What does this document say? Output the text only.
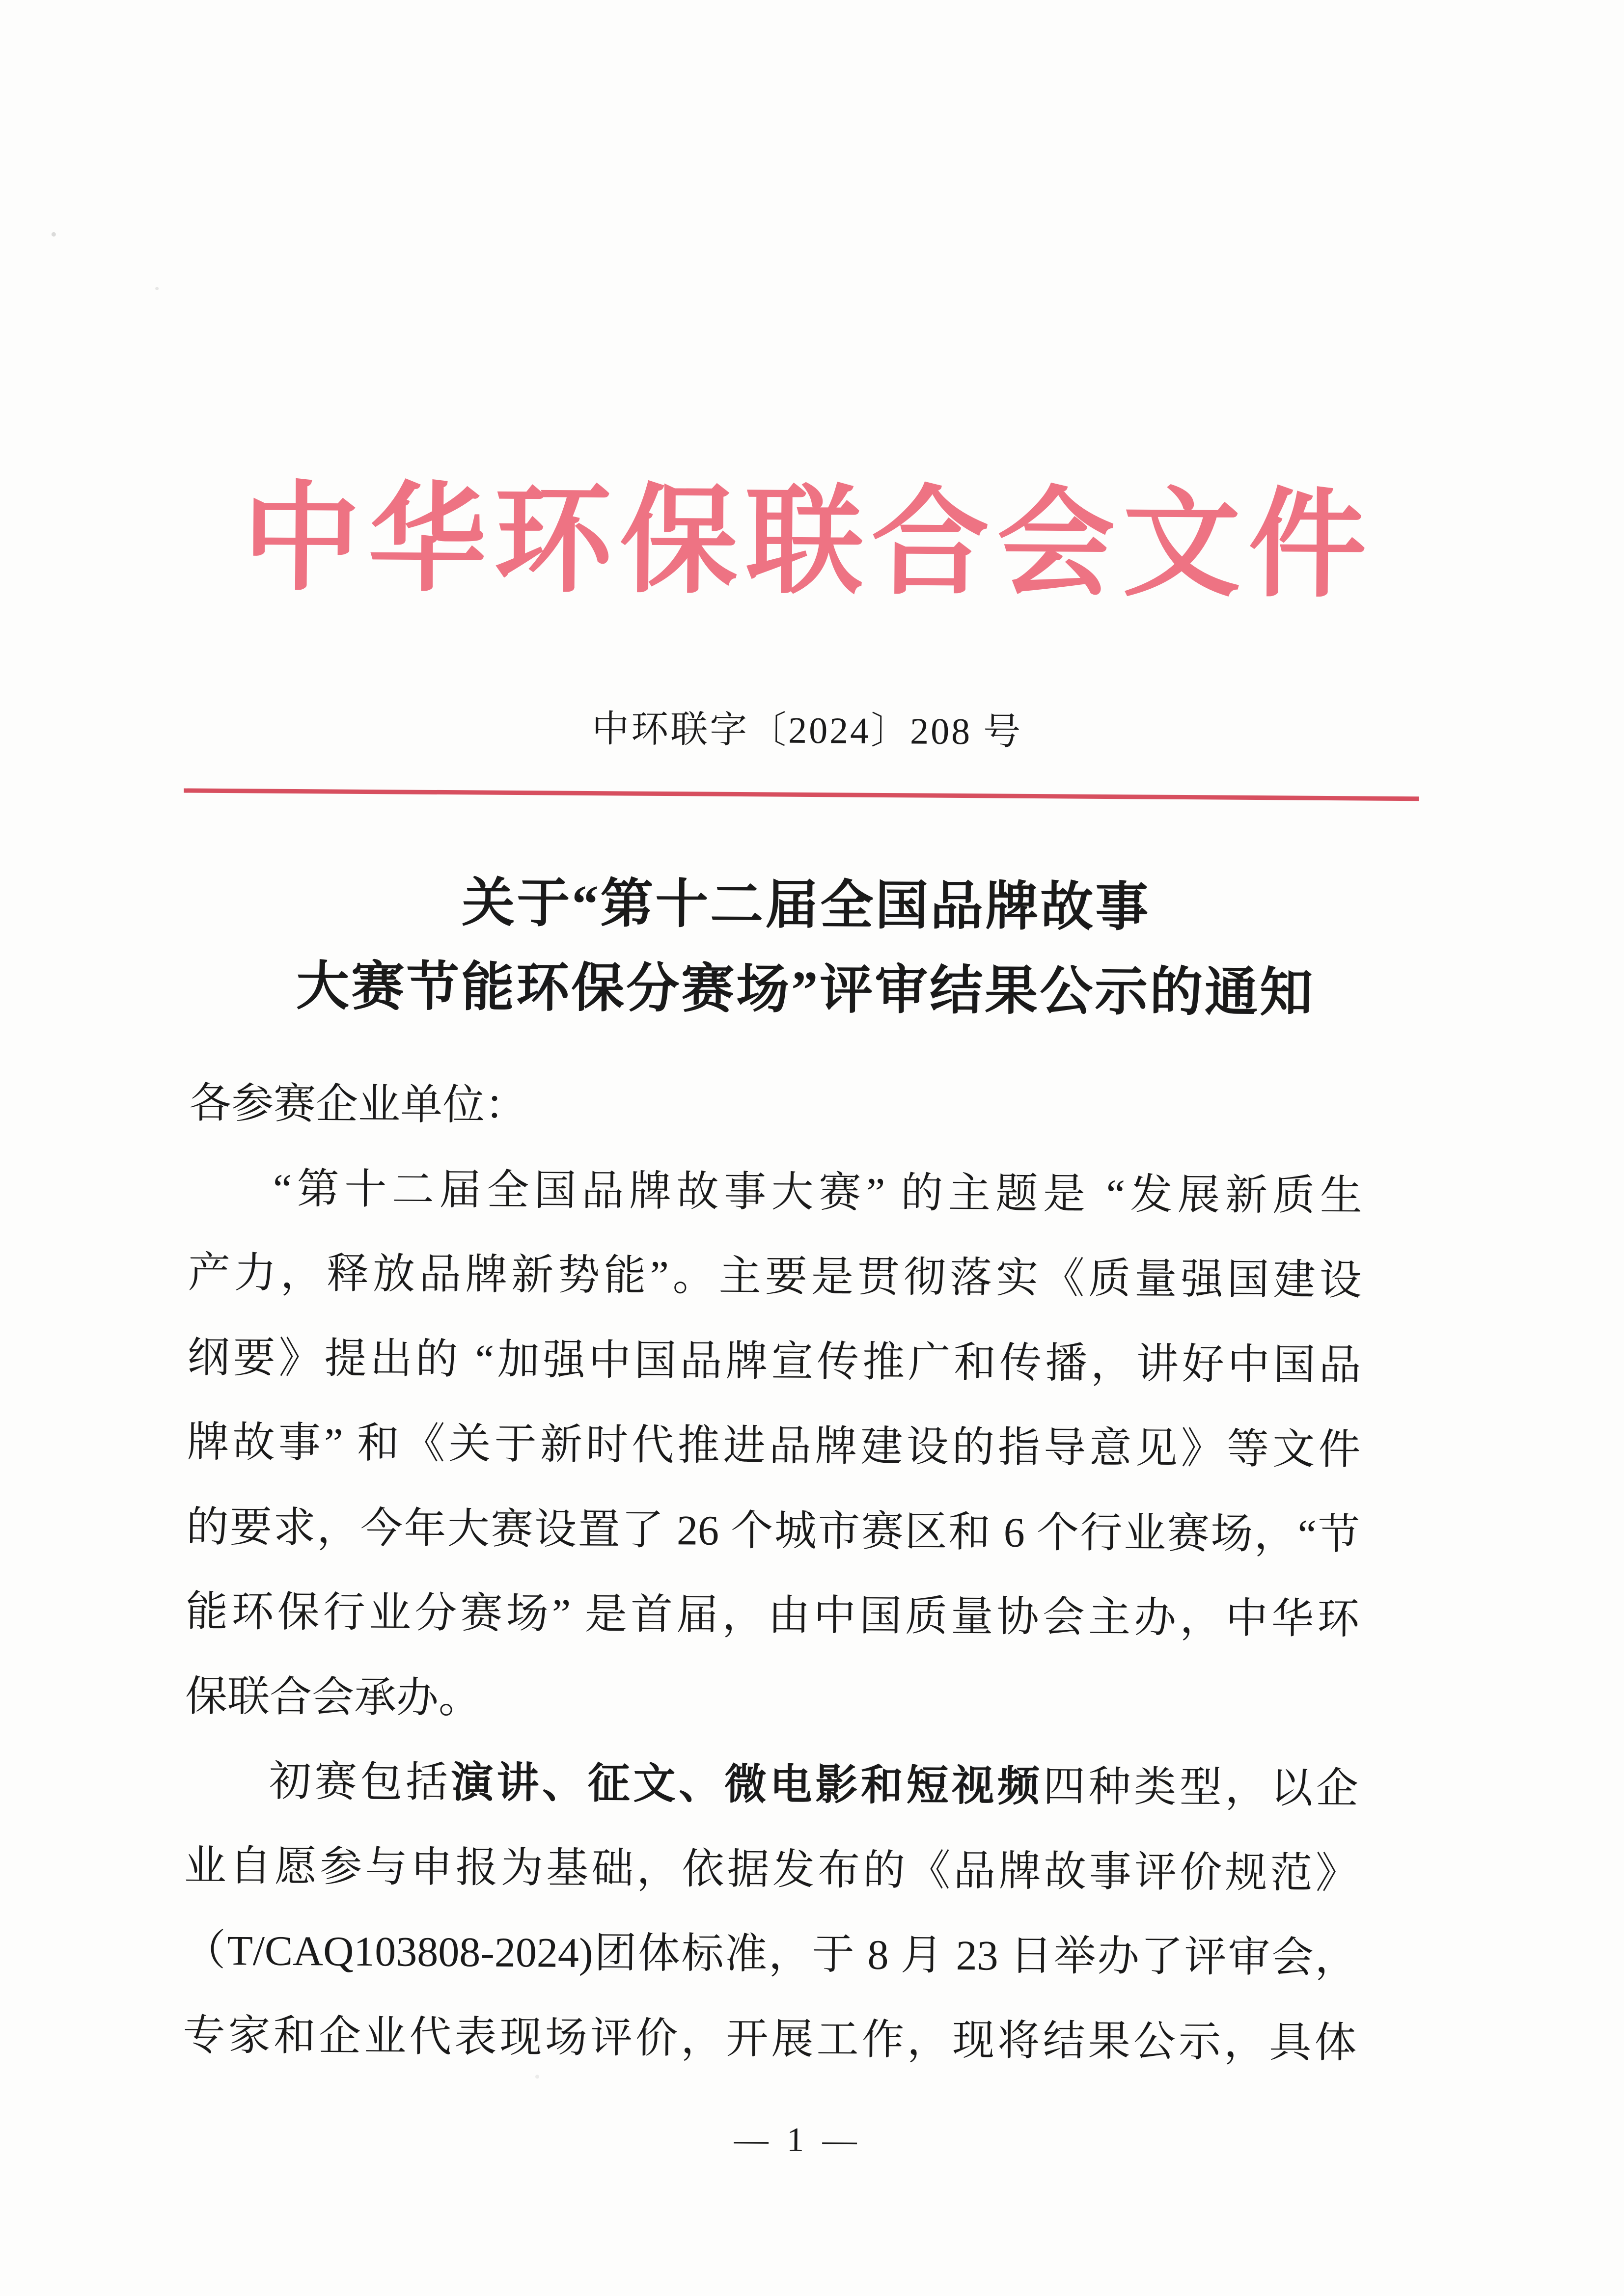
中华环保联合会文件
中环联字〔2024〕208 号
关于“第十二届全国品牌故事
大赛节能环保分赛场”评审结果公示的通知
各参赛企业单位：
“第十二届全国品牌故事大赛” 的主题是 “发展新质生
产力，释放品牌新势能”。主要是贯彻落实《质量强国建设
纲要》提出的 “加强中国品牌宣传推广和传播，讲好中国品
牌故事” 和《关于新时代推进品牌建设的指导意见》等文件
的要求，今年大赛设置了 26 个城市赛区和 6 个行业赛场，“节
能环保行业分赛场” 是首届，由中国质量协会主办，中华环
保联合会承办。
初赛包括演讲、征文、微电影和短视频四种类型，以企
业自愿参与申报为基础，依据发布的《品牌故事评价规范》
（T/CAQ103808-2024)团体标准，于 8 月 23 日举办了评审会，
专家和企业代表现场评价，开展工作，现将结果公示，具体
— 1 —
